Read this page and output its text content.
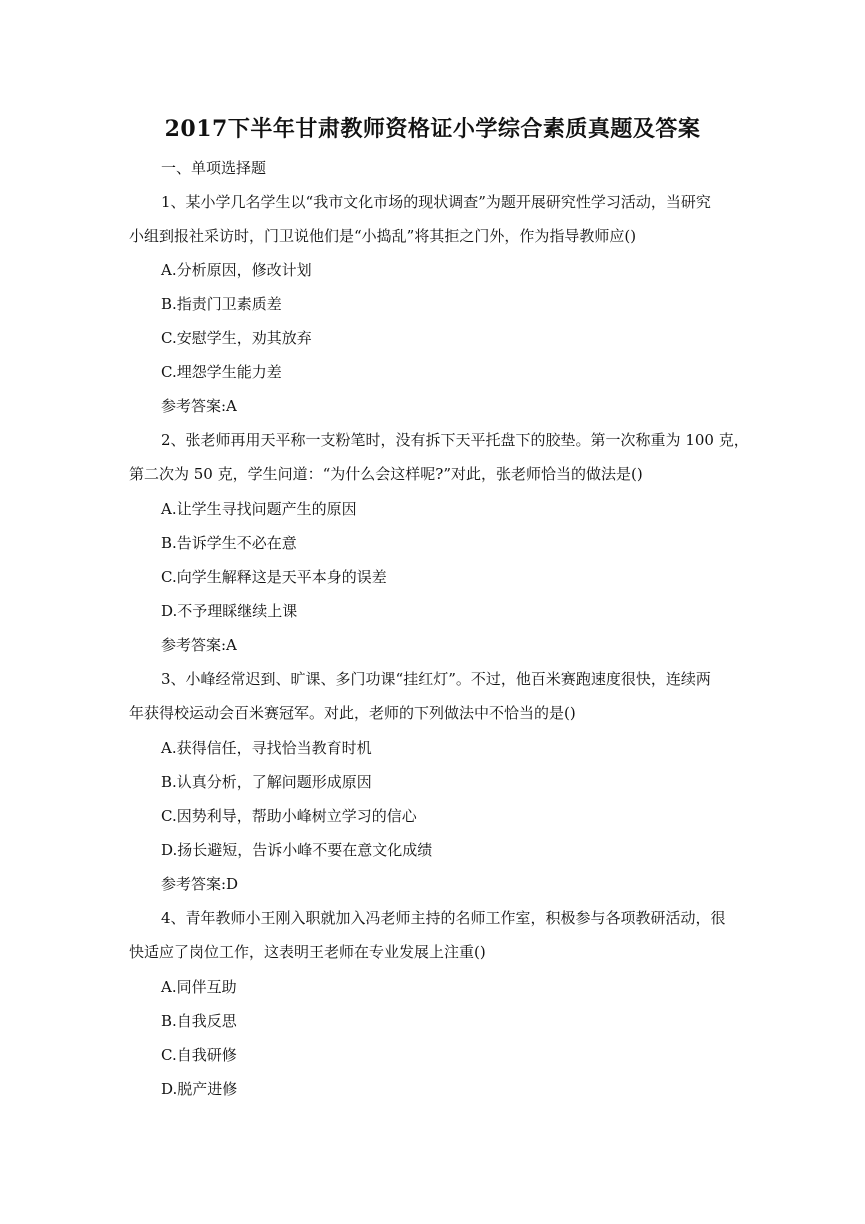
2017下半年甘肃教师资格证小学综合素质真题及答案
一、单项选择题
1、某小学几名学生以“我市文化市场的现状调查”为题开展研究性学习活动，当研究
小组到报社采访时，门卫说他们是“小捣乱”将其拒之门外，作为指导教师应()
A.分析原因，修改计划
B.指责门卫素质差
C.安慰学生，劝其放弃
C.埋怨学生能力差
参考答案:A
2、张老师再用天平称一支粉笔时，没有拆下天平托盘下的胶垫。第一次称重为 100 克，
第二次为 50 克，学生问道：“为什么会这样呢?”对此，张老师恰当的做法是()
A.让学生寻找问题产生的原因
B.告诉学生不必在意
C.向学生解释这是天平本身的误差
D.不予理睬继续上课
参考答案:A
3、小峰经常迟到、旷课、多门功课“挂红灯”。不过，他百米赛跑速度很快，连续两
年获得校运动会百米赛冠军。对此，老师的下列做法中不恰当的是()
A.获得信任，寻找恰当教育时机
B.认真分析，了解问题形成原因
C.因势利导，帮助小峰树立学习的信心
D.扬长避短，告诉小峰不要在意文化成绩
参考答案:D
4、青年教师小王刚入职就加入冯老师主持的名师工作室，积极参与各项教研活动，很
快适应了岗位工作，这表明王老师在专业发展上注重()
A.同伴互助
B.自我反思
C.自我研修
D.脱产进修
